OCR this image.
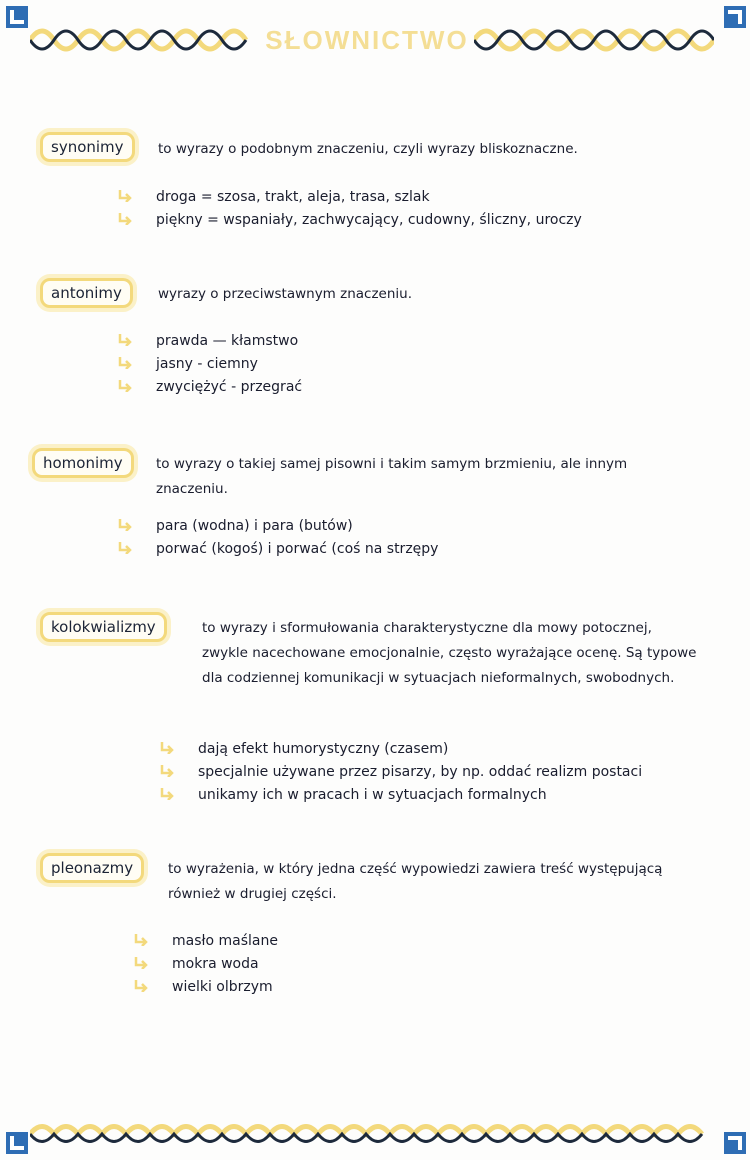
SŁOWNICTWO
synonimy	to wyrazy o podobnym znaczeniu, czyli wyrazy bliskoznaczne.
droga = szosa, trakt, aleja, trasa, szlak
piękny = wspaniały, zachwycający, cudowny, śliczny, uroczy
antonimy	wyrazy o przeciwstawnym znaczeniu.
prawda — kłamstwo
jasny - ciemny
zwyciężyć - przegrać
homonimy	to wyrazy o takiej samej pisowni i takim samym brzmieniu, ale innym znaczeniu.
para (wodna) i para (butów)
porwać (kogoś) i porwać (coś na strzępy
kolokwializmy	to wyrazy i sformułowania charakterystyczne dla mowy potocznej, zwykle nacechowane emocjonalnie, często wyrażające ocenę. Są typowe dla codziennej komunikacji w sytuacjach nieformalnych, swobodnych.
dają efekt humorystyczny (czasem)
specjalnie używane przez pisarzy, by np. oddać realizm postaci
unikamy ich w pracach i w sytuacjach formalnych
pleonazmy	to wyrażenia, w który jedna część wypowiedzi zawiera treść występującą również w drugiej części.
masło maślane
mokra woda
wielki olbrzym
